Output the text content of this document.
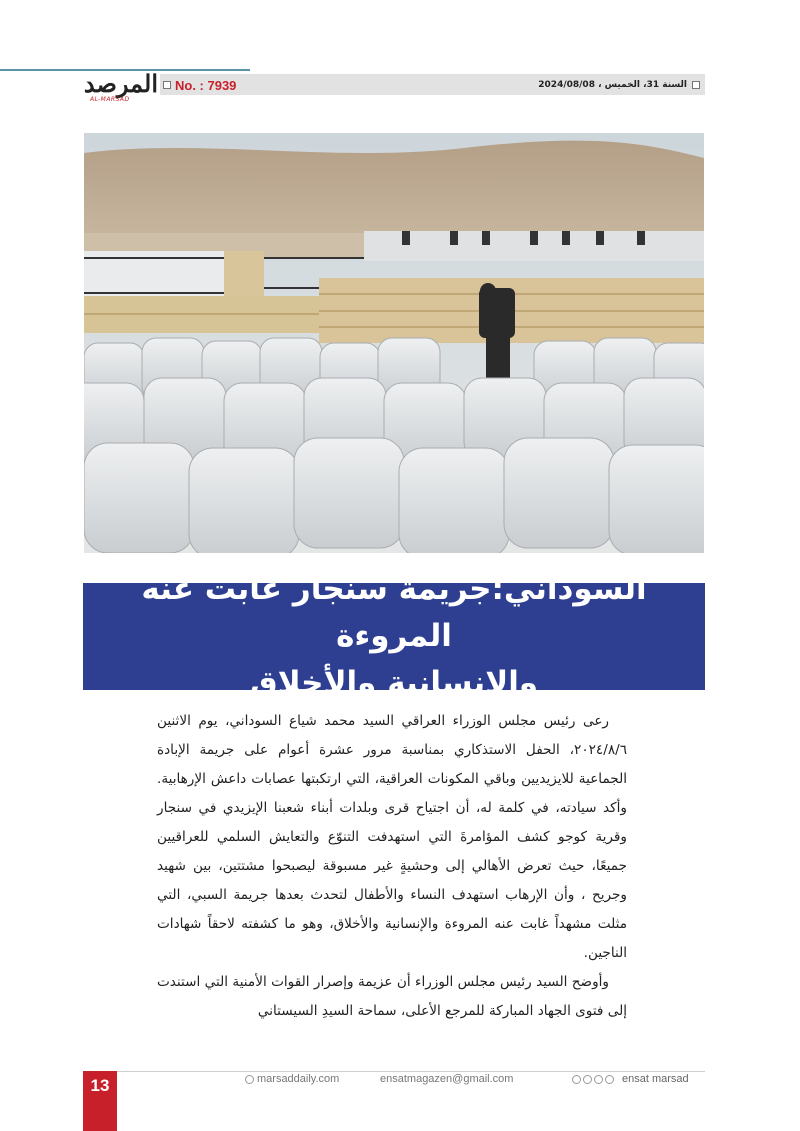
المرصد
AL-MARSAD
No. : 7939	السنة 31، الخميس ، 2024/08/08
السوداني:جريمة سنجار غابت عنه المروءة
والإنسانية والأخلاق

رعى رئيس مجلس الوزراء العراقي السيد محمد شياع السوداني، يوم الاثنين ٢٠٢٤/٨/٦، الحفل الاستذكاري بمناسبة مرور عشرة أعوام على جريمة الإبادة الجماعية للايزيديين وباقي المكونات العراقية، التي ارتكبتها عصابات داعش الإرهابية. وأكد سيادته، في كلمة له، أن اجتياح قرى وبلدات أبناء شعبنا الإيزيدي في سنجار وقرية كوجو كشف المؤامرةَ التي استهدفت التنوّع والتعايش السلمي للعراقيين جميعًا، حيث تعرض الأهالي إلى وحشيةٍ غير مسبوقة ليصبحوا مشتتين، بين شهيد وجريح ، وأن الإرهاب استهدف النساء والأطفال لتحدث بعدها جريمة السبي، التي مثلت مشهداً غابت عنه المروءة والإنسانية والأخلاق، وهو ما كشفته لاحقاً شهادات الناجين.

وأوضح السيد رئيس مجلس الوزراء أن عزيمة وإصرار القوات الأمنية التي استندت إلى فتوى الجهاد المباركة للمرجع الأعلى، سماحة السيدِ السيستاني

13	marsaddaily.com	ensatmagazen@gmail.com	ensat marsad
